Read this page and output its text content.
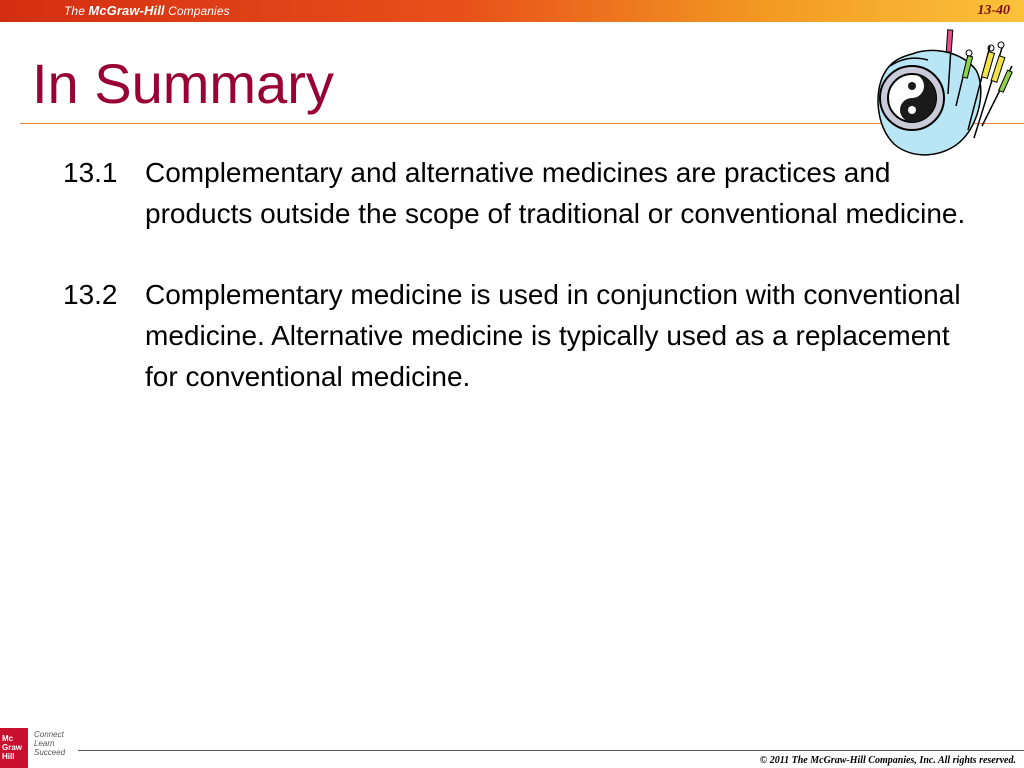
The McGraw-Hill Companies	13-40
In Summary
13.1 Complementary and alternative medicines are practices and products outside the scope of traditional or conventional medicine.
13.2 Complementary medicine is used in conjunction with conventional medicine. Alternative medicine is typically used as a replacement for conventional medicine.
Mc Graw Hill
Connect
Learn
Succeed
© 2011 The McGraw-Hill Companies, Inc. All rights reserved.
